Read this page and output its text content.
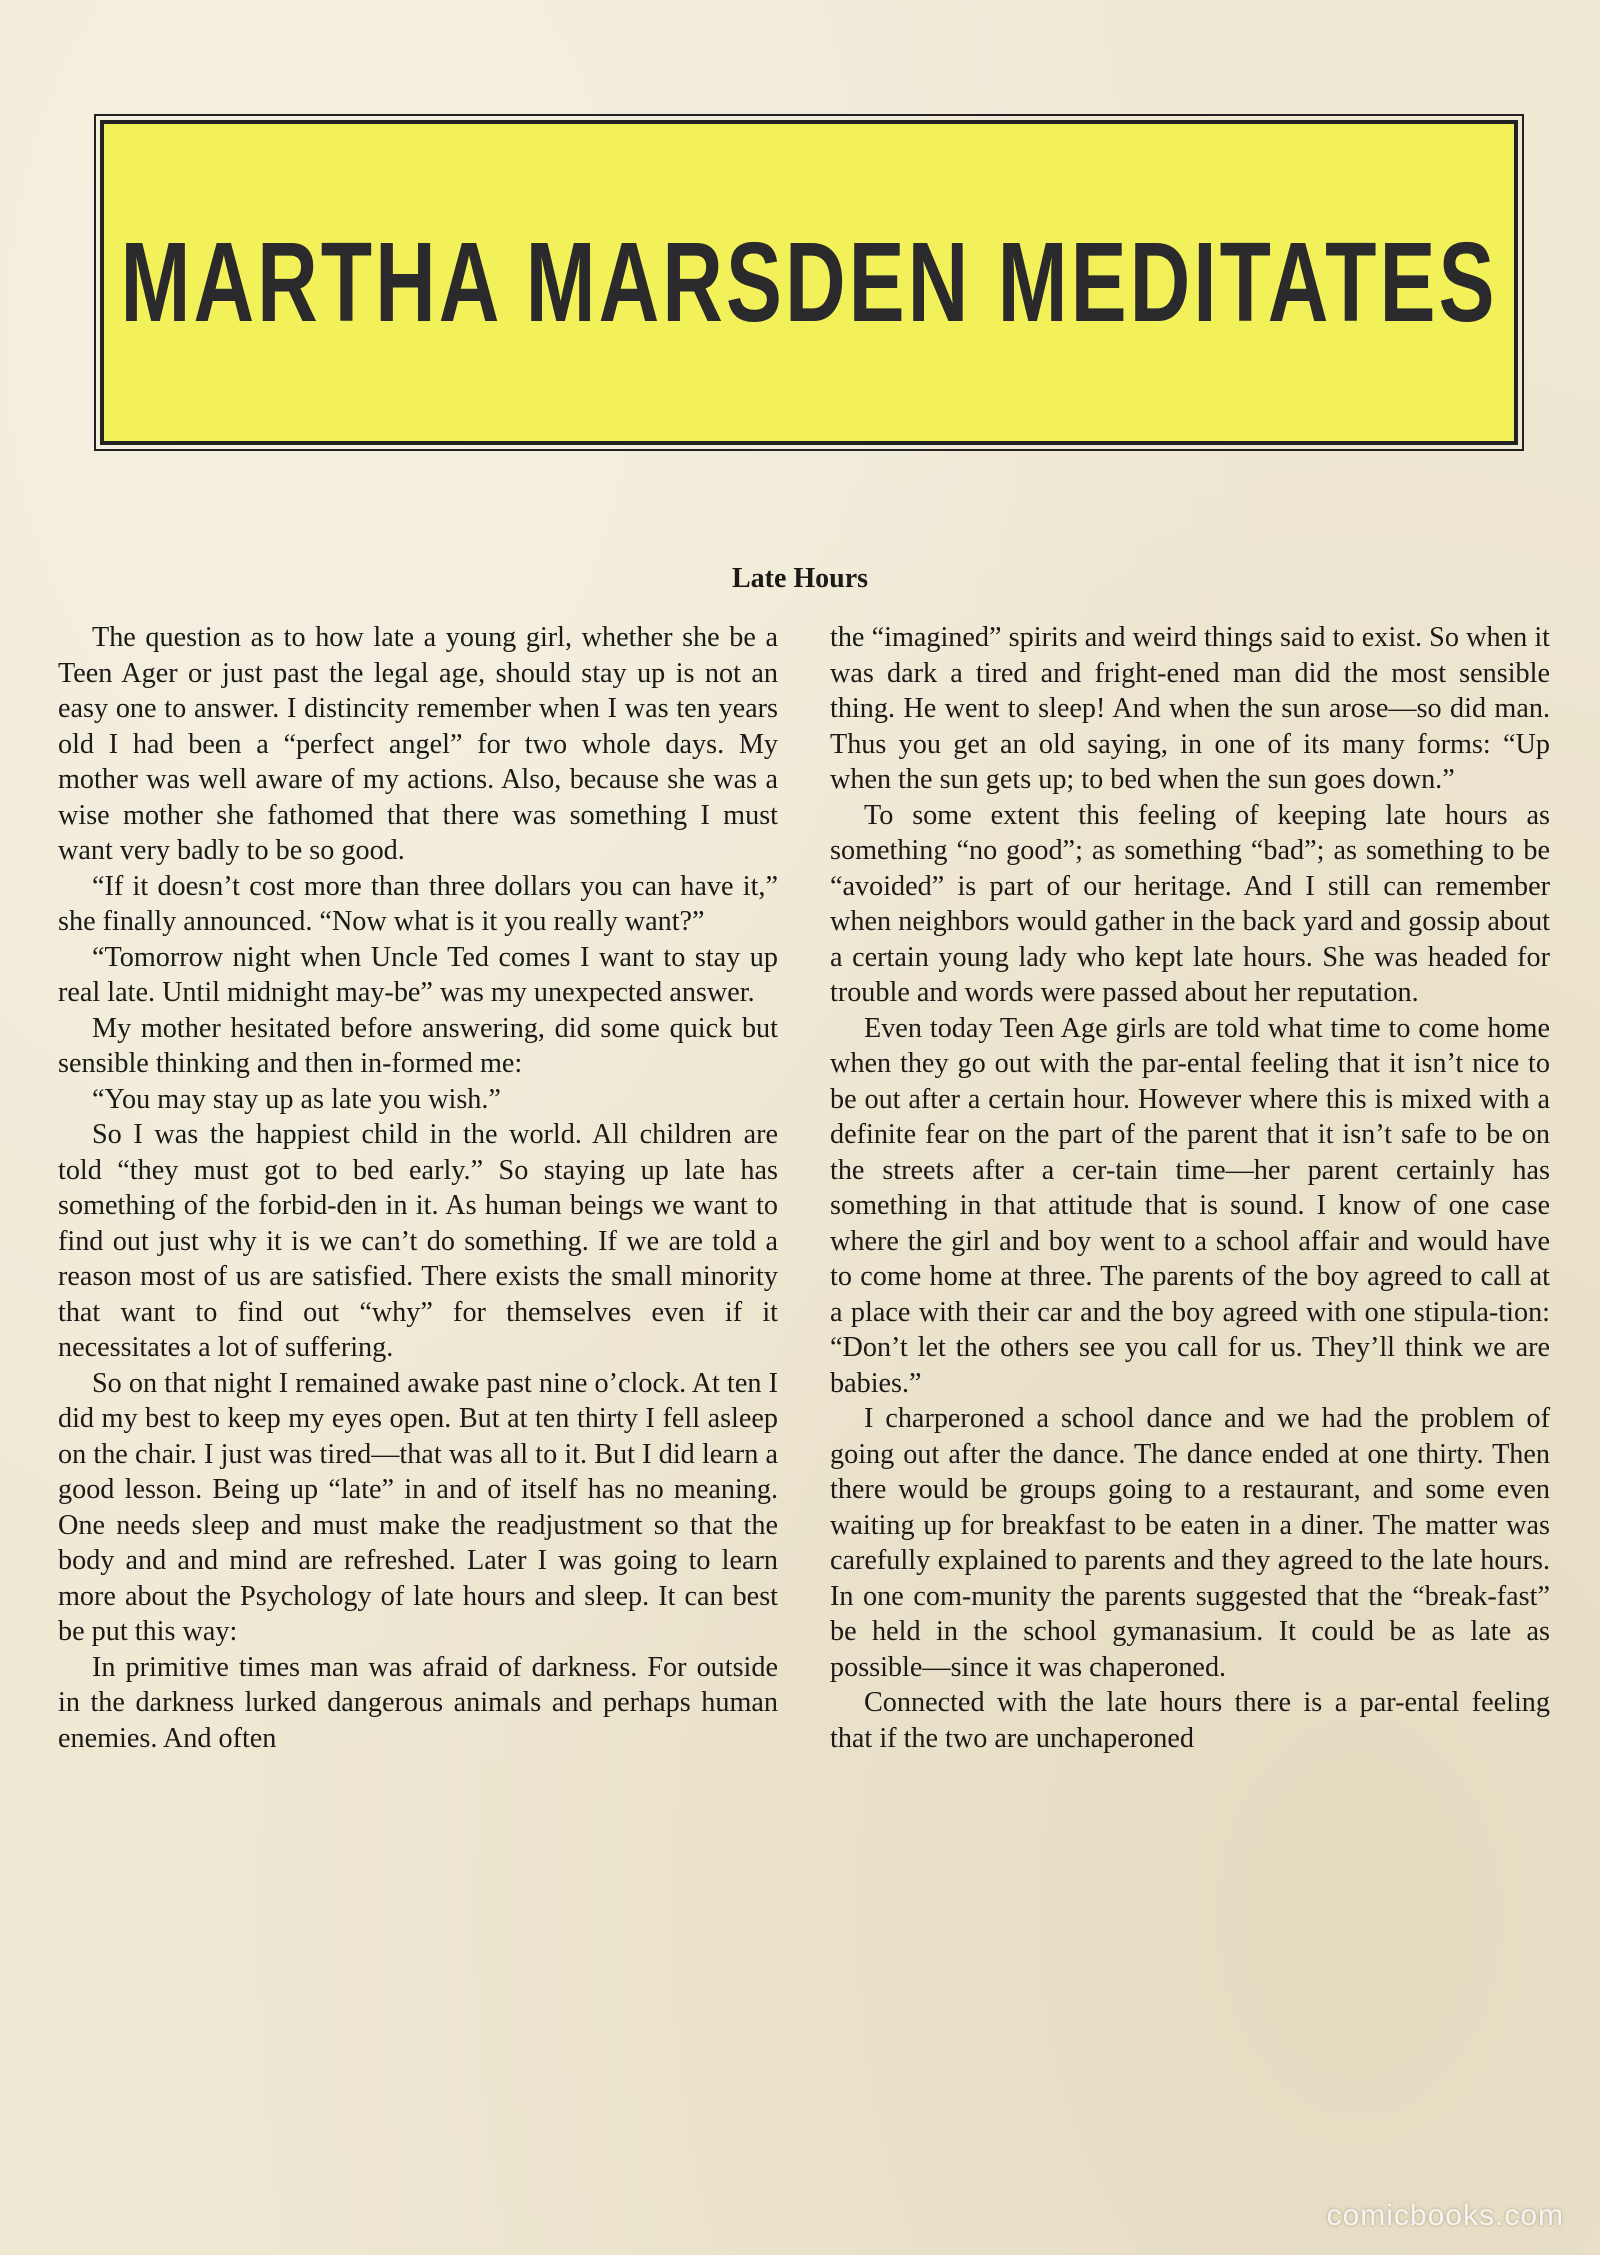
MARTHA MARSDEN MEDITATES
Late Hours

The question as to how late a young girl, whether she be a Teen Ager or just past the legal age, should stay up is not an easy one to answer. I distincity remember when I was ten years old I had been a “perfect angel” for two whole days. My mother was well aware of my actions. Also, because she was a wise mother she fathomed that there was something I must want very badly to be so good.

“If it doesn’t cost more than three dollars you can have it,” she finally announced. “Now what is it you really want?”

“Tomorrow night when Uncle Ted comes I want to stay up real late. Until midnight may-be” was my unexpected answer.

My mother hesitated before answering, did some quick but sensible thinking and then in-formed me:

“You may stay up as late you wish.”

So I was the happiest child in the world. All children are told “they must got to bed early.” So staying up late has something of the forbid-den in it. As human beings we want to find out just why it is we can’t do something. If we are told a reason most of us are satisfied. There exists the small minority that want to find out “why” for themselves even if it necessitates a lot of suffering.

So on that night I remained awake past nine o’clock. At ten I did my best to keep my eyes open. But at ten thirty I fell asleep on the chair. I just was tired—that was all to it. But I did learn a good lesson. Being up “late” in and of itself has no meaning. One needs sleep and must make the readjustment so that the body and and mind are refreshed. Later I was going to learn more about the Psychology of late hours and sleep. It can best be put this way:

In primitive times man was afraid of darkness. For outside in the darkness lurked dangerous animals and perhaps human enemies. And often

the “imagined” spirits and weird things said to exist. So when it was dark a tired and fright-ened man did the most sensible thing. He went to sleep! And when the sun arose—so did man. Thus you get an old saying, in one of its many forms: “Up when the sun gets up; to bed when the sun goes down.”

To some extent this feeling of keeping late hours as something “no good”; as something “bad”; as something to be “avoided” is part of our heritage. And I still can remember when neighbors would gather in the back yard and gossip about a certain young lady who kept late hours. She was headed for trouble and words were passed about her reputation.

Even today Teen Age girls are told what time to come home when they go out with the par-ental feeling that it isn’t nice to be out after a certain hour. However where this is mixed with a definite fear on the part of the parent that it isn’t safe to be on the streets after a cer-tain time—her parent certainly has something in that attitude that is sound. I know of one case where the girl and boy went to a school affair and would have to come home at three. The parents of the boy agreed to call at a place with their car and the boy agreed with one stipula-tion: “Don’t let the others see you call for us. They’ll think we are babies.”

I charperoned a school dance and we had the problem of going out after the dance. The dance ended at one thirty. Then there would be groups going to a restaurant, and some even waiting up for breakfast to be eaten in a diner. The matter was carefully explained to parents and they agreed to the late hours. In one com-munity the parents suggested that the “break-fast” be held in the school gymanasium. It could be as late as possible—since it was chaperoned.

Connected with the late hours there is a par-ental feeling that if the two are unchaperoned

comicbooks.com
